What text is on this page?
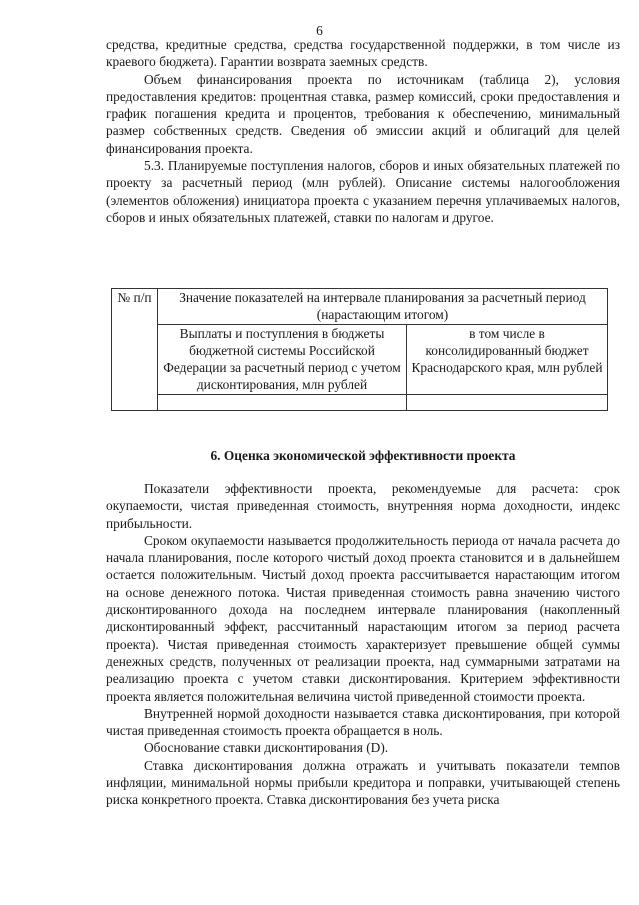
6

средства, кредитные средства, средства государственной поддержки, в том числе из краевого бюджета). Гарантии возврата заемных средств.

Объем финансирования проекта по источникам (таблица 2), условия предоставления кредитов: процентная ставка, размер комиссий, сроки предоставления и график погашения кредита и процентов, требования к обеспечению, минимальный размер собственных средств. Сведения об эмиссии акций и облигаций для целей финансирования проекта.

5.3. Планируемые поступления налогов, сборов и иных обязательных платежей по проекту за расчетный период (млн рублей). Описание системы налогообложения (элементов обложения) инициатора проекта с указанием перечня уплачиваемых налогов, сборов и иных обязательных платежей, ставки по налогам и другое.

№ п/п	Значение показателей на интервале планирования за расчетный период (нарастающим итогом)	
	Выплаты и поступления в бюджеты бюджетной системы Российской Федерации за расчетный период с учетом дисконтирования, млн рублей	в том числе в консолидированный бюджет Краснодарского края, млн рублей

6. Оценка экономической эффективности проекта

Показатели эффективности проекта, рекомендуемые для расчета: срок окупаемости, чистая приведенная стоимость, внутренняя норма доходности, индекс прибыльности.

Сроком окупаемости называется продолжительность периода от начала расчета до начала планирования, после которого чистый доход проекта становится и в дальнейшем остается положительным. Чистый доход проекта рассчитывается нарастающим итогом на основе денежного потока. Чистая приведенная стоимость равна значению чистого дисконтированного дохода на последнем интервале планирования (накопленный дисконтированный эффект, рассчитанный нарастающим итогом за период расчета проекта). Чистая приведенная стоимость характеризует превышение общей суммы денежных средств, полученных от реализации проекта, над суммарными затратами на реализацию проекта с учетом ставки дисконтирования. Критерием эффективности проекта является положительная величина чистой приведенной стоимости проекта.

Внутренней нормой доходности называется ставка дисконтирования, при которой чистая приведенная стоимость проекта обращается в ноль.

Обоснование ставки дисконтирования (D).

Ставка дисконтирования должна отражать и учитывать показатели темпов инфляции, минимальной нормы прибыли кредитора и поправки, учитывающей степень риска конкретного проекта. Ставка дисконтирования без учета риска
